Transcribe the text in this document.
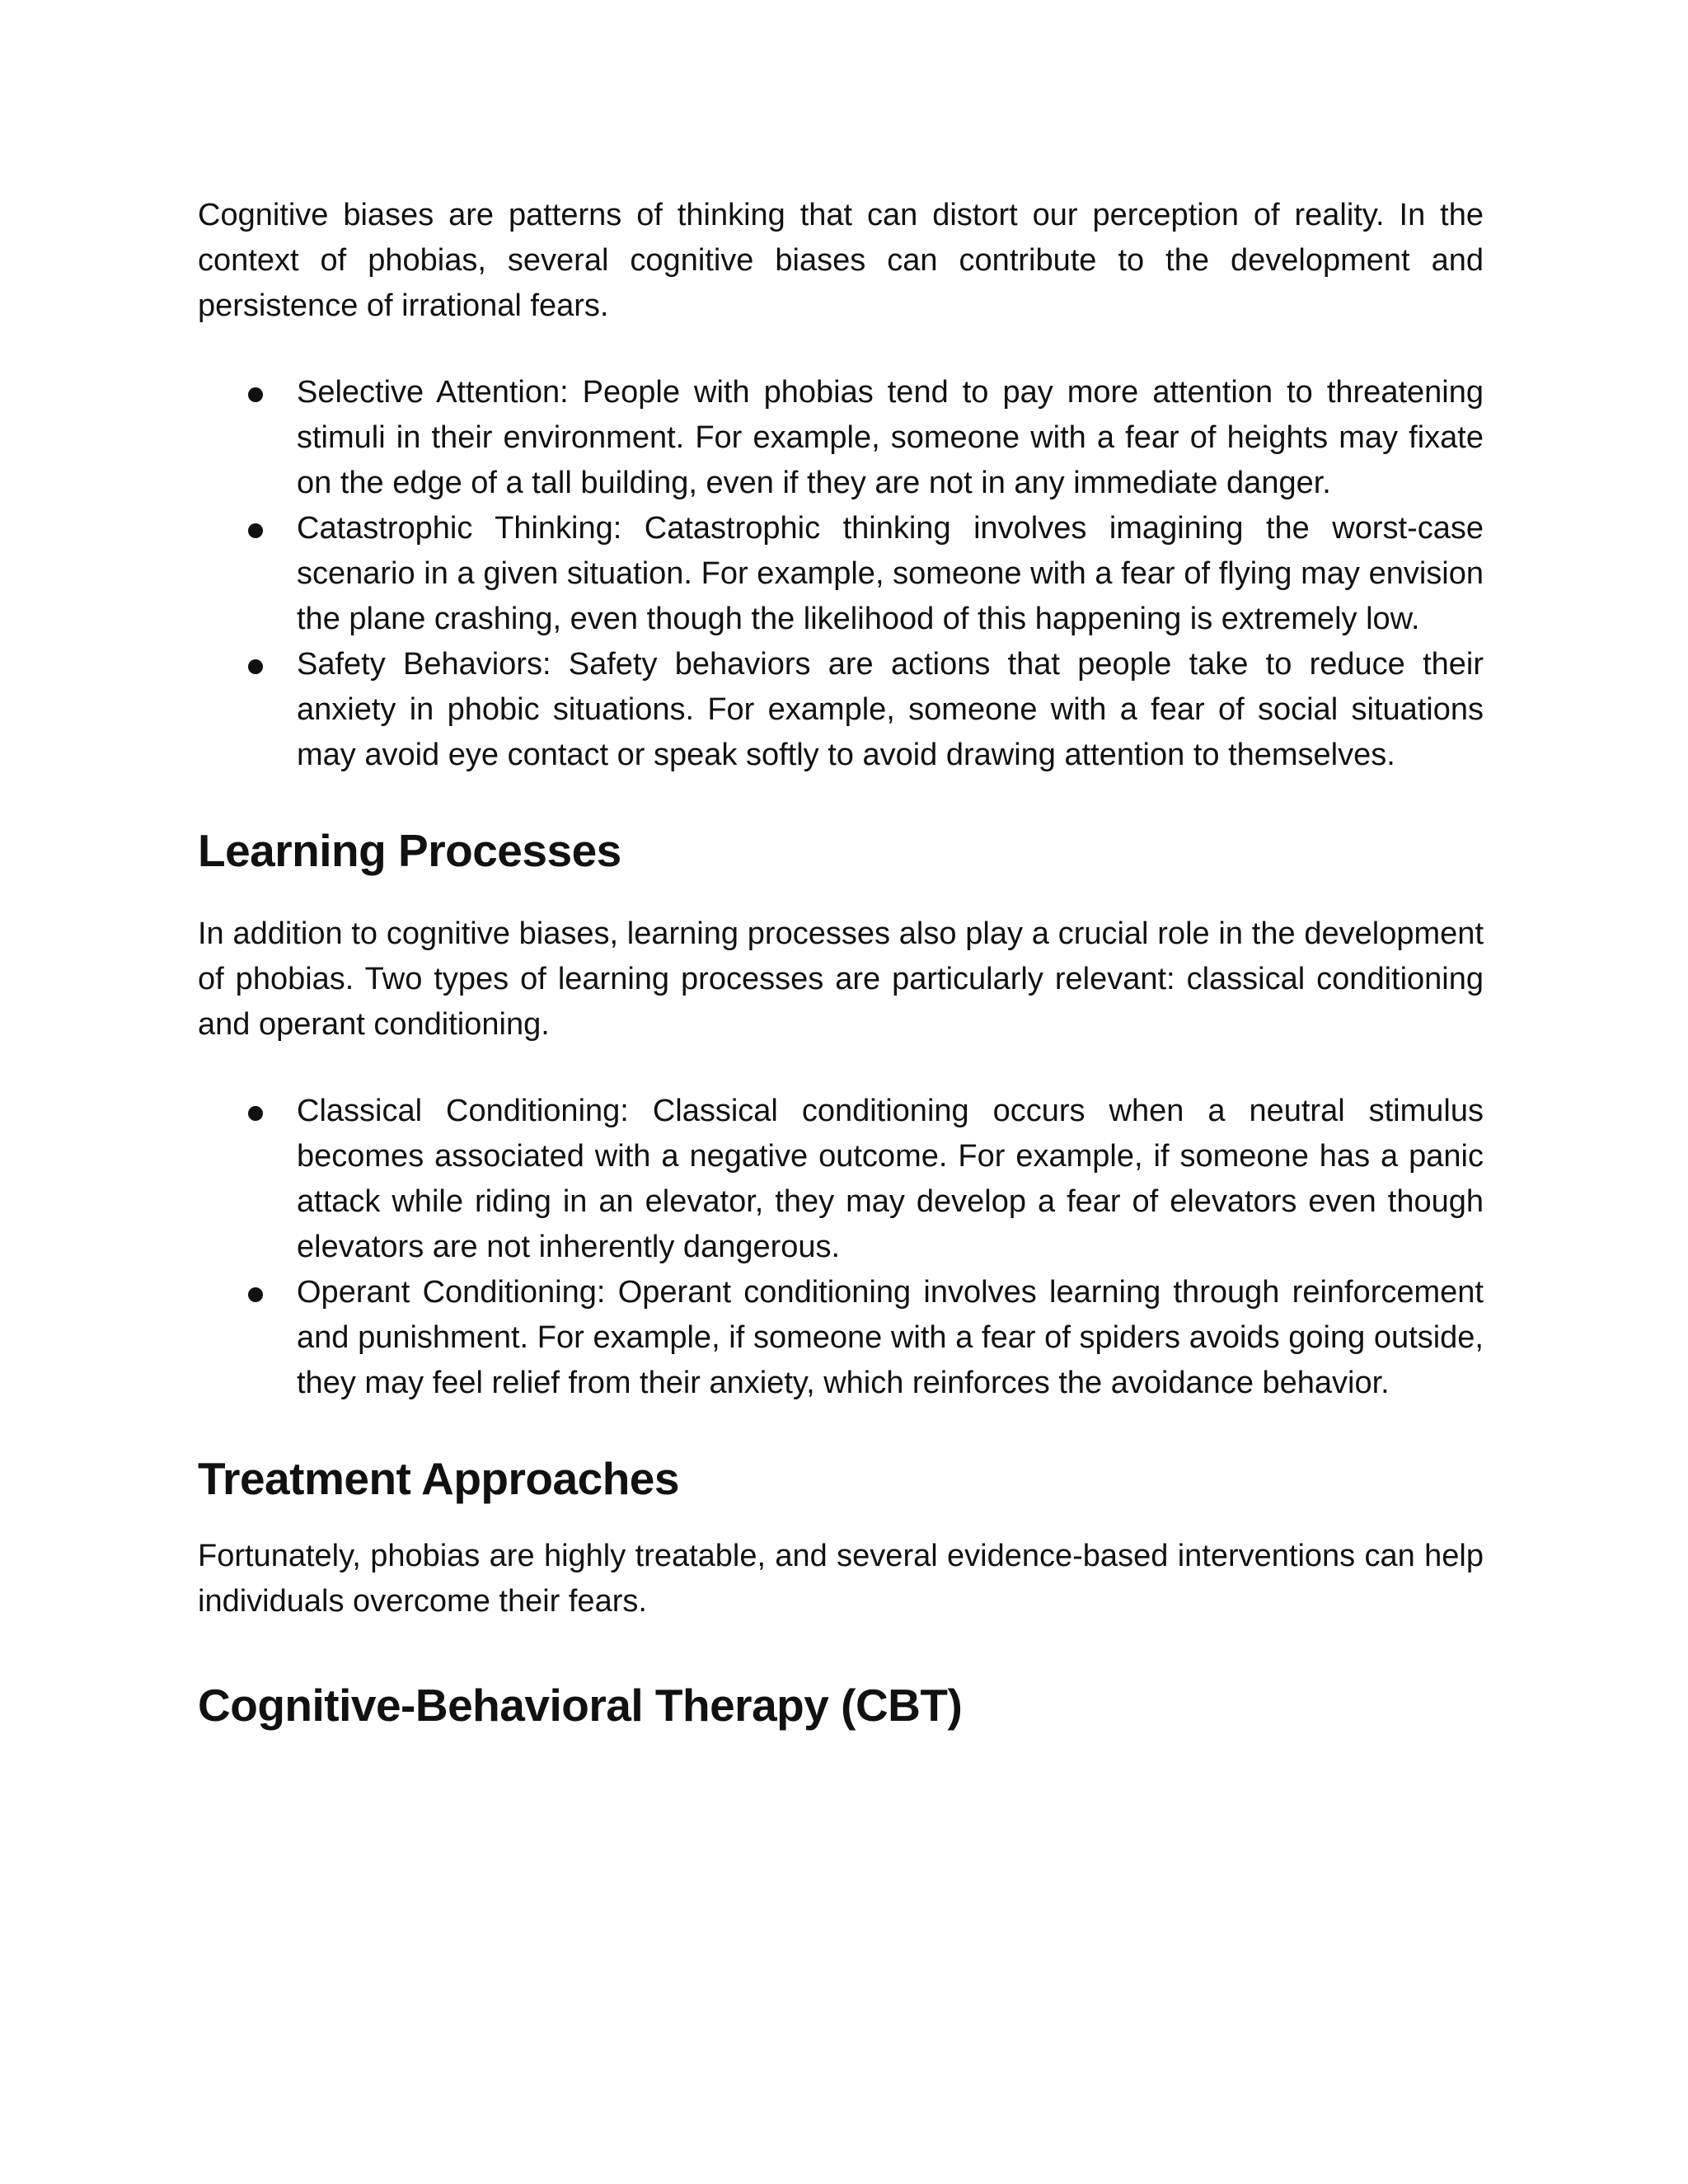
Cognitive biases are patterns of thinking that can distort our perception of reality. In the context of phobias, several cognitive biases can contribute to the development and persistence of irrational fears.

Selective Attention: People with phobias tend to pay more attention to threatening stimuli in their environment. For example, someone with a fear of heights may fixate on the edge of a tall building, even if they are not in any immediate danger.
Catastrophic Thinking: Catastrophic thinking involves imagining the worst-case scenario in a given situation. For example, someone with a fear of flying may envision the plane crashing, even though the likelihood of this happening is extremely low.
Safety Behaviors: Safety behaviors are actions that people take to reduce their anxiety in phobic situations. For example, someone with a fear of social situations may avoid eye contact or speak softly to avoid drawing attention to themselves.
Learning Processes

In addition to cognitive biases, learning processes also play a crucial role in the development of phobias. Two types of learning processes are particularly relevant: classical conditioning and operant conditioning.

Classical Conditioning: Classical conditioning occurs when a neutral stimulus becomes associated with a negative outcome. For example, if someone has a panic attack while riding in an elevator, they may develop a fear of elevators even though elevators are not inherently dangerous.
Operant Conditioning: Operant conditioning involves learning through reinforcement and punishment. For example, if someone with a fear of spiders avoids going outside, they may feel relief from their anxiety, which reinforces the avoidance behavior.
Treatment Approaches

Fortunately, phobias are highly treatable, and several evidence-based interventions can help individuals overcome their fears.

Cognitive-Behavioral Therapy (CBT)
